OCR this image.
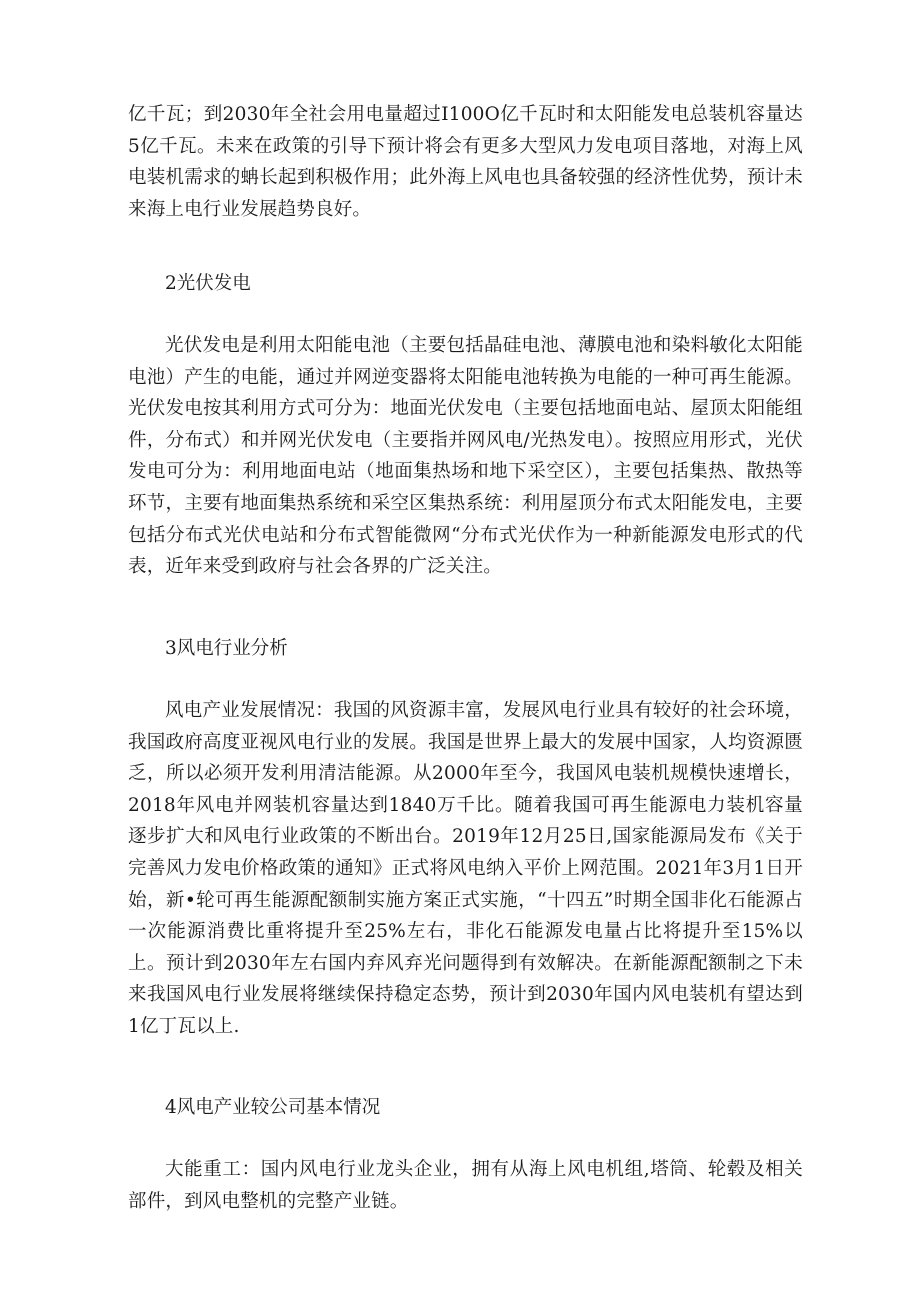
亿千瓦；到2030年全社会用电量超过I100O亿千瓦时和太阳能发电总装机容量达5亿千瓦。未来在政策的引导下预计将会有更多大型风力发电项目落地，对海上风电装机需求的蚺长起到积极作用；此外海上风电也具备较强的经济性优势，预计未来海上电行业发展趋势良好。

2光伏发电

光伏发电是利用太阳能电池（主要包括晶硅电池、薄膜电池和染料敏化太阳能电池）产生的电能，通过并网逆变器将太阳能电池转换为电能的一种可再生能源。光伏发电按其利用方式可分为：地面光伏发电（主要包括地面电站、屋顶太阳能组件，分布式）和并网光伏发电（主要指并网风电/光热发电）。按照应用形式，光伏发电可分为：利用地面电站（地面集热场和地下采空区），主要包括集热、散热等环节，主要有地面集热系统和采空区集热系统：利用屋顶分布式太阳能发电，主要包括分布式光伏电站和分布式智能微网“分布式光伏作为一种新能源发电形式的代表，近年来受到政府与社会各界的广泛关注。

3风电行业分析

风电产业发展情况：我国的风资源丰富，发展风电行业具有较好的社会环境，我国政府高度亚视风电行业的发展。我国是世界上最大的发展中国家，人均资源匮乏，所以必须开发利用清洁能源。从2000年至今，我国风电装机规模快速增长，2018年风电并网装机容量达到1840万千比。随着我国可再生能源电力装机容量逐步扩大和风电行业政策的不断出台。2019年12月25日,国家能源局发布《关于完善风力发电价格政策的通知》正式将风电纳入平价上网范围。2021年3月1日开始，新•轮可再生能源配额制实施方案正式实施，“十四五”时期全国非化石能源占一次能源消费比重将提升至25%左右，非化石能源发电量占比将提升至15%以上。预计到2030年左右国内弃风弃光问题得到有效解决。在新能源配额制之下未来我国风电行业发展将继续保持稳定态势，预计到2030年国内风电装机有望达到1亿丁瓦以上.

4风电产业较公司基本情况

大能重工：国内风电行业龙头企业，拥有从海上风电机组,塔筒、轮毂及相关部件，到风电整机的完整产业链。
